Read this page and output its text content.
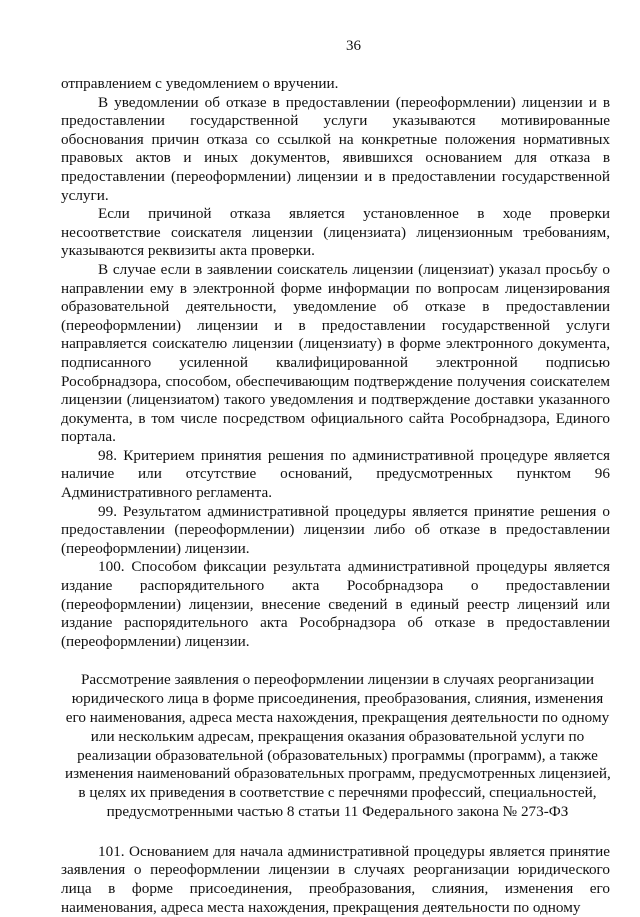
36

отправлением с уведомлением о вручении.

В уведомлении об отказе в предоставлении (переоформлении) лицензии и в предоставлении государственной услуги указываются мотивированные обоснования причин отказа со ссылкой на конкретные положения нормативных правовых актов и иных документов, явившихся основанием для отказа в предоставлении (переоформлении) лицензии и в предоставлении государственной услуги.

Если причиной отказа является установленное в ходе проверки несоответствие соискателя лицензии (лицензиата) лицензионным требованиям, указываются реквизиты акта проверки.

В случае если в заявлении соискатель лицензии (лицензиат) указал просьбу о направлении ему в электронной форме информации по вопросам лицензирования образовательной деятельности, уведомление об отказе в предоставлении (переоформлении) лицензии и в предоставлении государственной услуги направляется соискателю лицензии (лицензиату) в форме электронного документа, подписанного усиленной квалифицированной электронной подписью Рособрнадзора, способом, обеспечивающим подтверждение получения соискателем лицензии (лицензиатом) такого уведомления и подтверждение доставки указанного документа, в том числе посредством официального сайта Рособрнадзора, Единого портала.

98. Критерием принятия решения по административной процедуре является наличие или отсутствие оснований, предусмотренных пунктом 96 Административного регламента.

99. Результатом административной процедуры является принятие решения о предоставлении (переоформлении) лицензии либо об отказе в предоставлении (переоформлении) лицензии.

100. Способом фиксации результата административной процедуры является издание распорядительного акта Рособрнадзора о предоставлении (переоформлении) лицензии, внесение сведений в единый реестр лицензий или издание распорядительного акта Рособрнадзора об отказе в предоставлении (переоформлении) лицензии.

Рассмотрение заявления о переоформлении лицензии в случаях реорганизации
юридического лица в форме присоединения, преобразования, слияния, изменения
его наименования, адреса места нахождения, прекращения деятельности по одному
или нескольким адресам, прекращения оказания образовательной услуги по
реализации образовательной (образовательных) программы (программ), а также
изменения наименований образовательных программ, предусмотренных лицензией,
в целях их приведения в соответствие с перечнями профессий, специальностей,
предусмотренными частью 8 статьи 11 Федерального закона № 273-ФЗ

101. Основанием для начала административной процедуры является принятие заявления о переоформлении лицензии в случаях реорганизации юридического лица в форме присоединения, преобразования, слияния, изменения его наименования, адреса места нахождения, прекращения деятельности по одному
